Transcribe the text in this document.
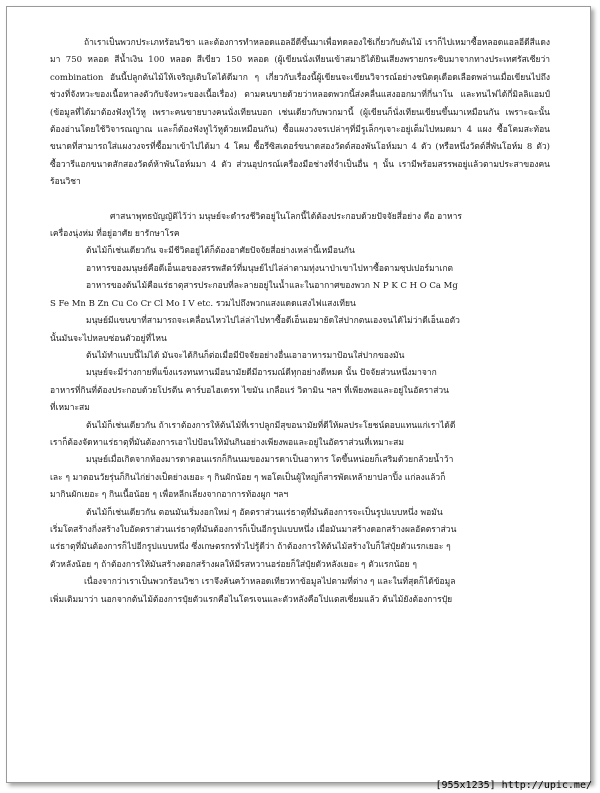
ถ้าเราเป็นพวกประเภทร้อนวิชา และต้องการทำหลอดแอลอีดีขึ้นมาเพื่อทดลองใช้เกี่ยวกับต้นไม้ เราก็ไปเหมาซื้อหลอดแอลอีดีสีแดงมา 750 หลอด สีน้ำเงิน 100 หลอด สีเขียว 150 หลอด (ผู้เขียนนั่งเทียนเข้าสมาธิได้ยินเสียงพรายกระซิบมาจากทางประเทศรัสเซียว่า combination อันนี้ปลูกต้นไม้ให้เจริญเติบโตได้ดีมาก ๆ เกี่ยวกับเรื่องนี้ผู้เขียนจะเขียนวิจารณ์อย่างชนิดดุเดือดเลือดพล่านเมื่อเขียนไปถึงช่วงที่จังหวะของเนื้อหาลงตัวกับจังหวะของเนื้อเรื่อง) ตามคนขายด้วยว่าหลอดพวกนี้ส่งคลื่นแสงออกมาที่กี่นาโน และทนไฟได้กี่มิลลิแอมป์ (ข้อมูลที่ได้มาต้องฟังหูไว้หู เพราะคนขายบางคนนั่งเทียนบอก เช่นเดียวกับพวกมานี้ (ผู้เขียนก็นั่งเทียนเขียนขึ้นมาเหมือนกัน เพราะฉะนั้นต้องอ่านโดยใช้วิจารณญาณ และก็ต้องฟังหูไว้หูด้วยเหมือนกัน) ซื้อแผงวงจรเปล่าๆที่มีรูเล็กๆเจาะอยู่เต็มไปหมดมา 4 แผง ซื้อโคมสะท้อนขนาดที่สามารถใส่แผงวงจรที่ซื้อมาเข้าไปได้มา 4 โคม ซื้อรีซิสเตอร์ขนาดสองวัตต์สองพันโอห์มมา 4 ตัว (หรือหนึ่งวัตต์สี่พันโอห์ม 8 ตัว) ซื้อวารีแอกขนาดสักสองวัตต์ห้าพันโอห์มมา 4 ตัว ส่วนอุปกรณ์เครื่องมือช่างที่จำเป็นอื่น ๆ นั้น เรามีพร้อมสรรพอยู่แล้วตามประสาของคนร้อนวิชา

ศาสนาพุทธบัญญัติไว้ว่า มนุษย์จะดำรงชีวิตอยู่ในโลกนี้ได้ต้องประกอบด้วยปัจจัยสี่อย่าง คือ อาหาร

เครื่องนุ่งห่ม ที่อยู่อาศัย ยารักษาโรค

ต้นไม้ก็เช่นเดียวกัน จะมีชีวิตอยู่ได้ก็ต้องอาศัยปัจจัยสี่อย่างเหล่านี้เหมือนกัน

อาหารของมนุษย์คือดีเอ็นเอของสรรพสัตว์ที่มนุษย์ไปไล่ล่าตามทุ่งนาป่าเขาไปหาซื้อตามซุปเปอร์มาเกต

อาหารของต้นไม้คือแร่ธาตุสารประกอบที่ละลายอยู่ในน้ำและในอากาศของพวก N P K C H O Ca Mg

S Fe Mn B Zn Cu Co Cr Cl Mo I V etc. รวมไปถึงพวกแสงแดดแสงไฟแสงเทียน

มนุษย์มีแขนขาที่สามารถจะเคลื่อนไหวไปไล่ล่าไปหาซื้อดีเอ็นเอมาย้ดใส่ปากตนเองจนได้ไม่ว่าดีเอ็นเอตัว

นั้นมันจะไปหลบซ่อนตัวอยู่ที่ไหน

ต้นไม้ทำแบบนี้ไม่ได้ มันจะได้กินก็ต่อเมื่อมีปัจจัยอย่างอื่นเอาอาหารมาป้อนใส่ปากของมัน

มนุษย์จะมีร่างกายที่แข็งแรงทนทานมีอนามัยดีมีอารมณ์ดีทุกอย่างดีหมด นั้น ปัจจัยส่วนหนึ่งมาจาก

อาหารที่กินที่ต้องประกอบด้วยโปรตีน คาร์บอไฮเดรท ไขมัน เกลือแร่ วิตามิน ฯลฯ ที่เพียงพอและอยู่ในอัตราส่วน

ที่เหมาะสม

ต้นไม้ก็เช่นเดียวกัน ถ้าเราต้องการให้ต้นไม้ที่เราปลูกมีสุขอนามัยที่ดีให้ผลประโยชน์ตอบแทนแก่เราได้ดี

เราก็ต้องจัดหาแร่ธาตุที่มันต้องการเอาไปป้อนให้มันกินอย่างเพียงพอและอยู่ในอัตราส่วนที่เหมาะสม

มนุษย์เมื่อเกิดจากท้องมารดาตอนแรกก็กินนมของมารดาเป็นอาหาร โตขึ้นหน่อยก็เสริมด้วยกล้วยน้ำว้า

เละ ๆ มาตอนวัยรุ่นก็กินไก่ย่างเป็ดย่างเยอะ ๆ กินผักน้อย ๆ พอโตเป็นผู้ใหญ่ก็สารพัดเหล้ายาปลาปิ้ง แก่ลงแล้วก็

มากินผักเยอะ ๆ กินเนื้อน้อย ๆ เพื่อหลีกเลี่ยงจากอาการท้องผูก ฯลฯ

ต้นไม้ก็เช่นเดียวกัน ตอนมันเริ่มงอกใหม่ ๆ อัตตราส่วนแร่ธาตุที่มันต้องการจะเป็นรูปแบบหนึ่ง พอมัน

เริ่มโตสร้างกิ่งสร้างใบอัตตราส่วนแร่ธาตุที่มันต้องการก็เป็นอีกรูปแบบหนึ่ง เมื่อมันมาสร้างดอกสร้างผลอัตตราส่วน

แร่ธาตุที่มันต้องการก็ไปอีกรูปแบบหนึ่ง ซึ่งเกษตรกรทั่วไปรู้ดีว่า ถ้าต้องการให้ต้นไม้สร้างใบก็ใส่ปุ๋ยตัวแรกเยอะ ๆ

ตัวหลังน้อย ๆ ถ้าต้องการให้มันสร้างดอกสร้างผลให้มีรสหวานอร่อยก็ใส่ปุ๋ยตัวหลังเยอะ ๆ ตัวแรกน้อย ๆ

เนื่องจากว่าเราเป็นพวกร้อนวิชา เราจึงค้นคว้าหลอดเทียวหาข้อมูลไปตามที่ต่าง ๆ และในที่สุดก็ได้ข้อมูล

เพิ่มเติมมาว่า นอกจากต้นไม้ต้องการปุ๋ยตัวแรกคือไนโตรเจนและตัวหลังคือโปแตสเซี่ยมแล้ว ต้นไม้ยังต้องการปุ๋ย

[955x1235] http://upic.me/
